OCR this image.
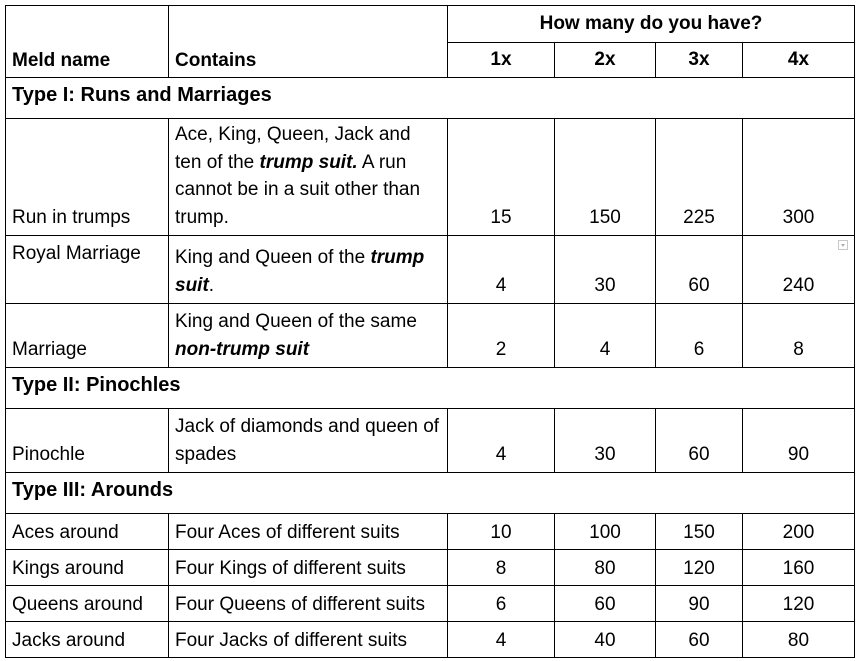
Meld name	Contains	How many do you have?			
		1x	2x	3x	4x
Type I: Runs and Marriages					
Run in trumps	Ace, King, Queen, Jack and ten of the trump suit. A run cannot be in a suit other than trump.	15	150	225	300
Royal Marriage	King and Queen of the trump suit.	4	30	60	240

Marriage	King and Queen of the same non-trump suit	2	4	6	8
Type II: Pinochles					
Pinochle	Jack of diamonds and queen of spades	4	30	60	90
Type III: Arounds					
Aces around	Four Aces of different suits	10	100	150	200
Kings around	Four Kings of different suits	8	80	120	160
Queens around	Four Queens of different suits	6	60	90	120
Jacks around	Four Jacks of different suits	4	40	60	80
